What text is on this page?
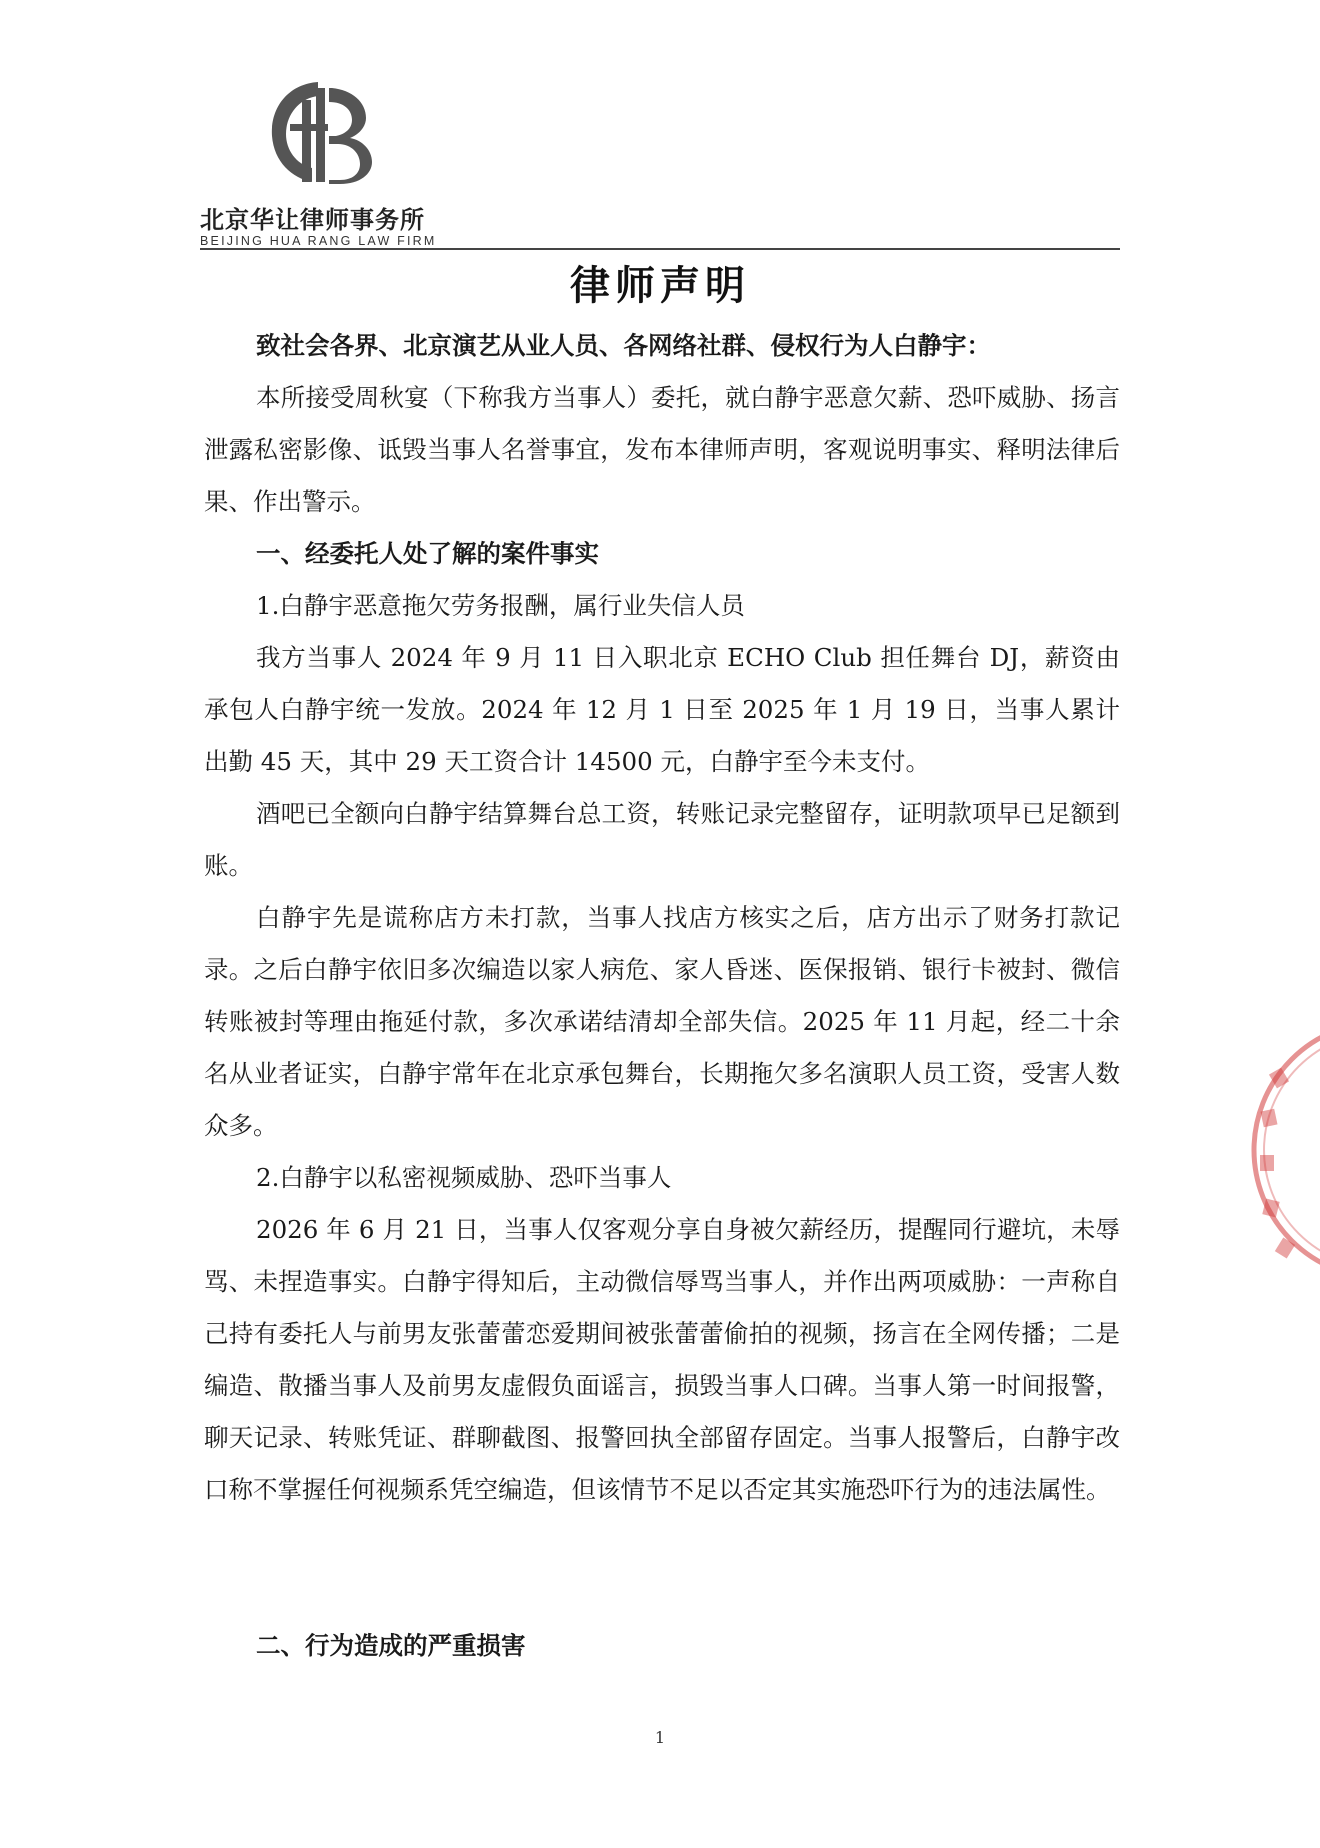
北京华让律师事务所
BEIJING HUA RANG LAW FIRM
律师声明
致社会各界、北京演艺从业人员、各网络社群、侵权行为人白静宇：
本所接受周秋宴（下称我方当事人）委托，就白静宇恶意欠薪、恐吓威胁、扬言泄露私密影像、诋毁当事人名誉事宜，发布本律师声明，客观说明事实、释明法律后果、作出警示。
一、经委托人处了解的案件事实
1.白静宇恶意拖欠劳务报酬，属行业失信人员
我方当事人 2024 年 9 月 11 日入职北京 ECHO Club 担任舞台 DJ，薪资由承包人白静宇统一发放。2024 年 12 月 1 日至 2025 年 1 月 19 日，当事人累计出勤 45 天，其中 29 天工资合计 14500 元，白静宇至今未支付。
酒吧已全额向白静宇结算舞台总工资，转账记录完整留存，证明款项早已足额到账。
白静宇先是谎称店方未打款，当事人找店方核实之后，店方出示了财务打款记录。之后白静宇依旧多次编造以家人病危、家人昏迷、医保报销、银行卡被封、微信转账被封等理由拖延付款，多次承诺结清却全部失信。2025 年 11 月起，经二十余名从业者证实，白静宇常年在北京承包舞台，长期拖欠多名演职人员工资，受害人数众多。
2.白静宇以私密视频威胁、恐吓当事人
2026 年 6 月 21 日，当事人仅客观分享自身被欠薪经历，提醒同行避坑，未辱骂、未捏造事实。白静宇得知后，主动微信辱骂当事人，并作出两项威胁：一声称自己持有委托人与前男友张蕾蕾恋爱期间被张蕾蕾偷拍的视频，扬言在全网传播；二是编造、散播当事人及前男友虚假负面谣言，损毁当事人口碑。当事人第一时间报警，聊天记录、转账凭证、群聊截图、报警回执全部留存固定。当事人报警后，白静宇改口称不掌握任何视频系凭空编造，但该情节不足以否定其实施恐吓行为的违法属性。
二、行为造成的严重损害
1
